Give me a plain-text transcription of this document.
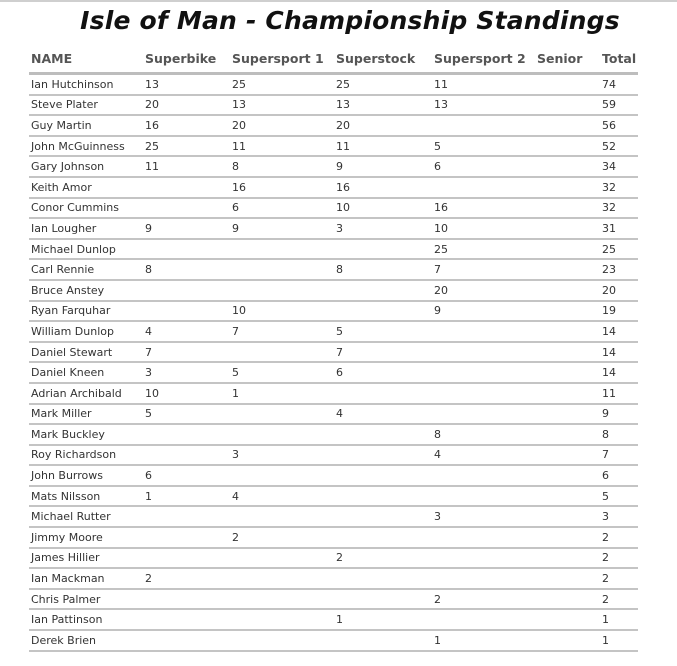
Isle of Man - Championship Standings
NAME	Superbike	Supersport 1	Superstock	Supersport 2	Senior	Total
Ian Hutchinson	13	25	25	11		74
Steve Plater	20	13	13	13		59
Guy Martin	16	20	20			56
John McGuinness	25	11	11	5		52
Gary Johnson	11	8	9	6		34
Keith Amor		16	16			32
Conor Cummins		6	10	16		32
Ian Lougher	9	9	3	10		31
Michael Dunlop				25		25
Carl Rennie	8		8	7		23
Bruce Anstey				20		20
Ryan Farquhar		10		9		19
William Dunlop	4	7	5			14
Daniel Stewart	7		7			14
Daniel Kneen	3	5	6			14
Adrian Archibald	10	1				11
Mark Miller	5		4			9
Mark Buckley				8		8
Roy Richardson		3		4		7
John Burrows	6					6
Mats Nilsson	1	4				5
Michael Rutter				3		3
Jimmy Moore		2				2
James Hillier			2			2
Ian Mackman	2					2
Chris Palmer				2		2
Ian Pattinson			1			1
Derek Brien				1		1
